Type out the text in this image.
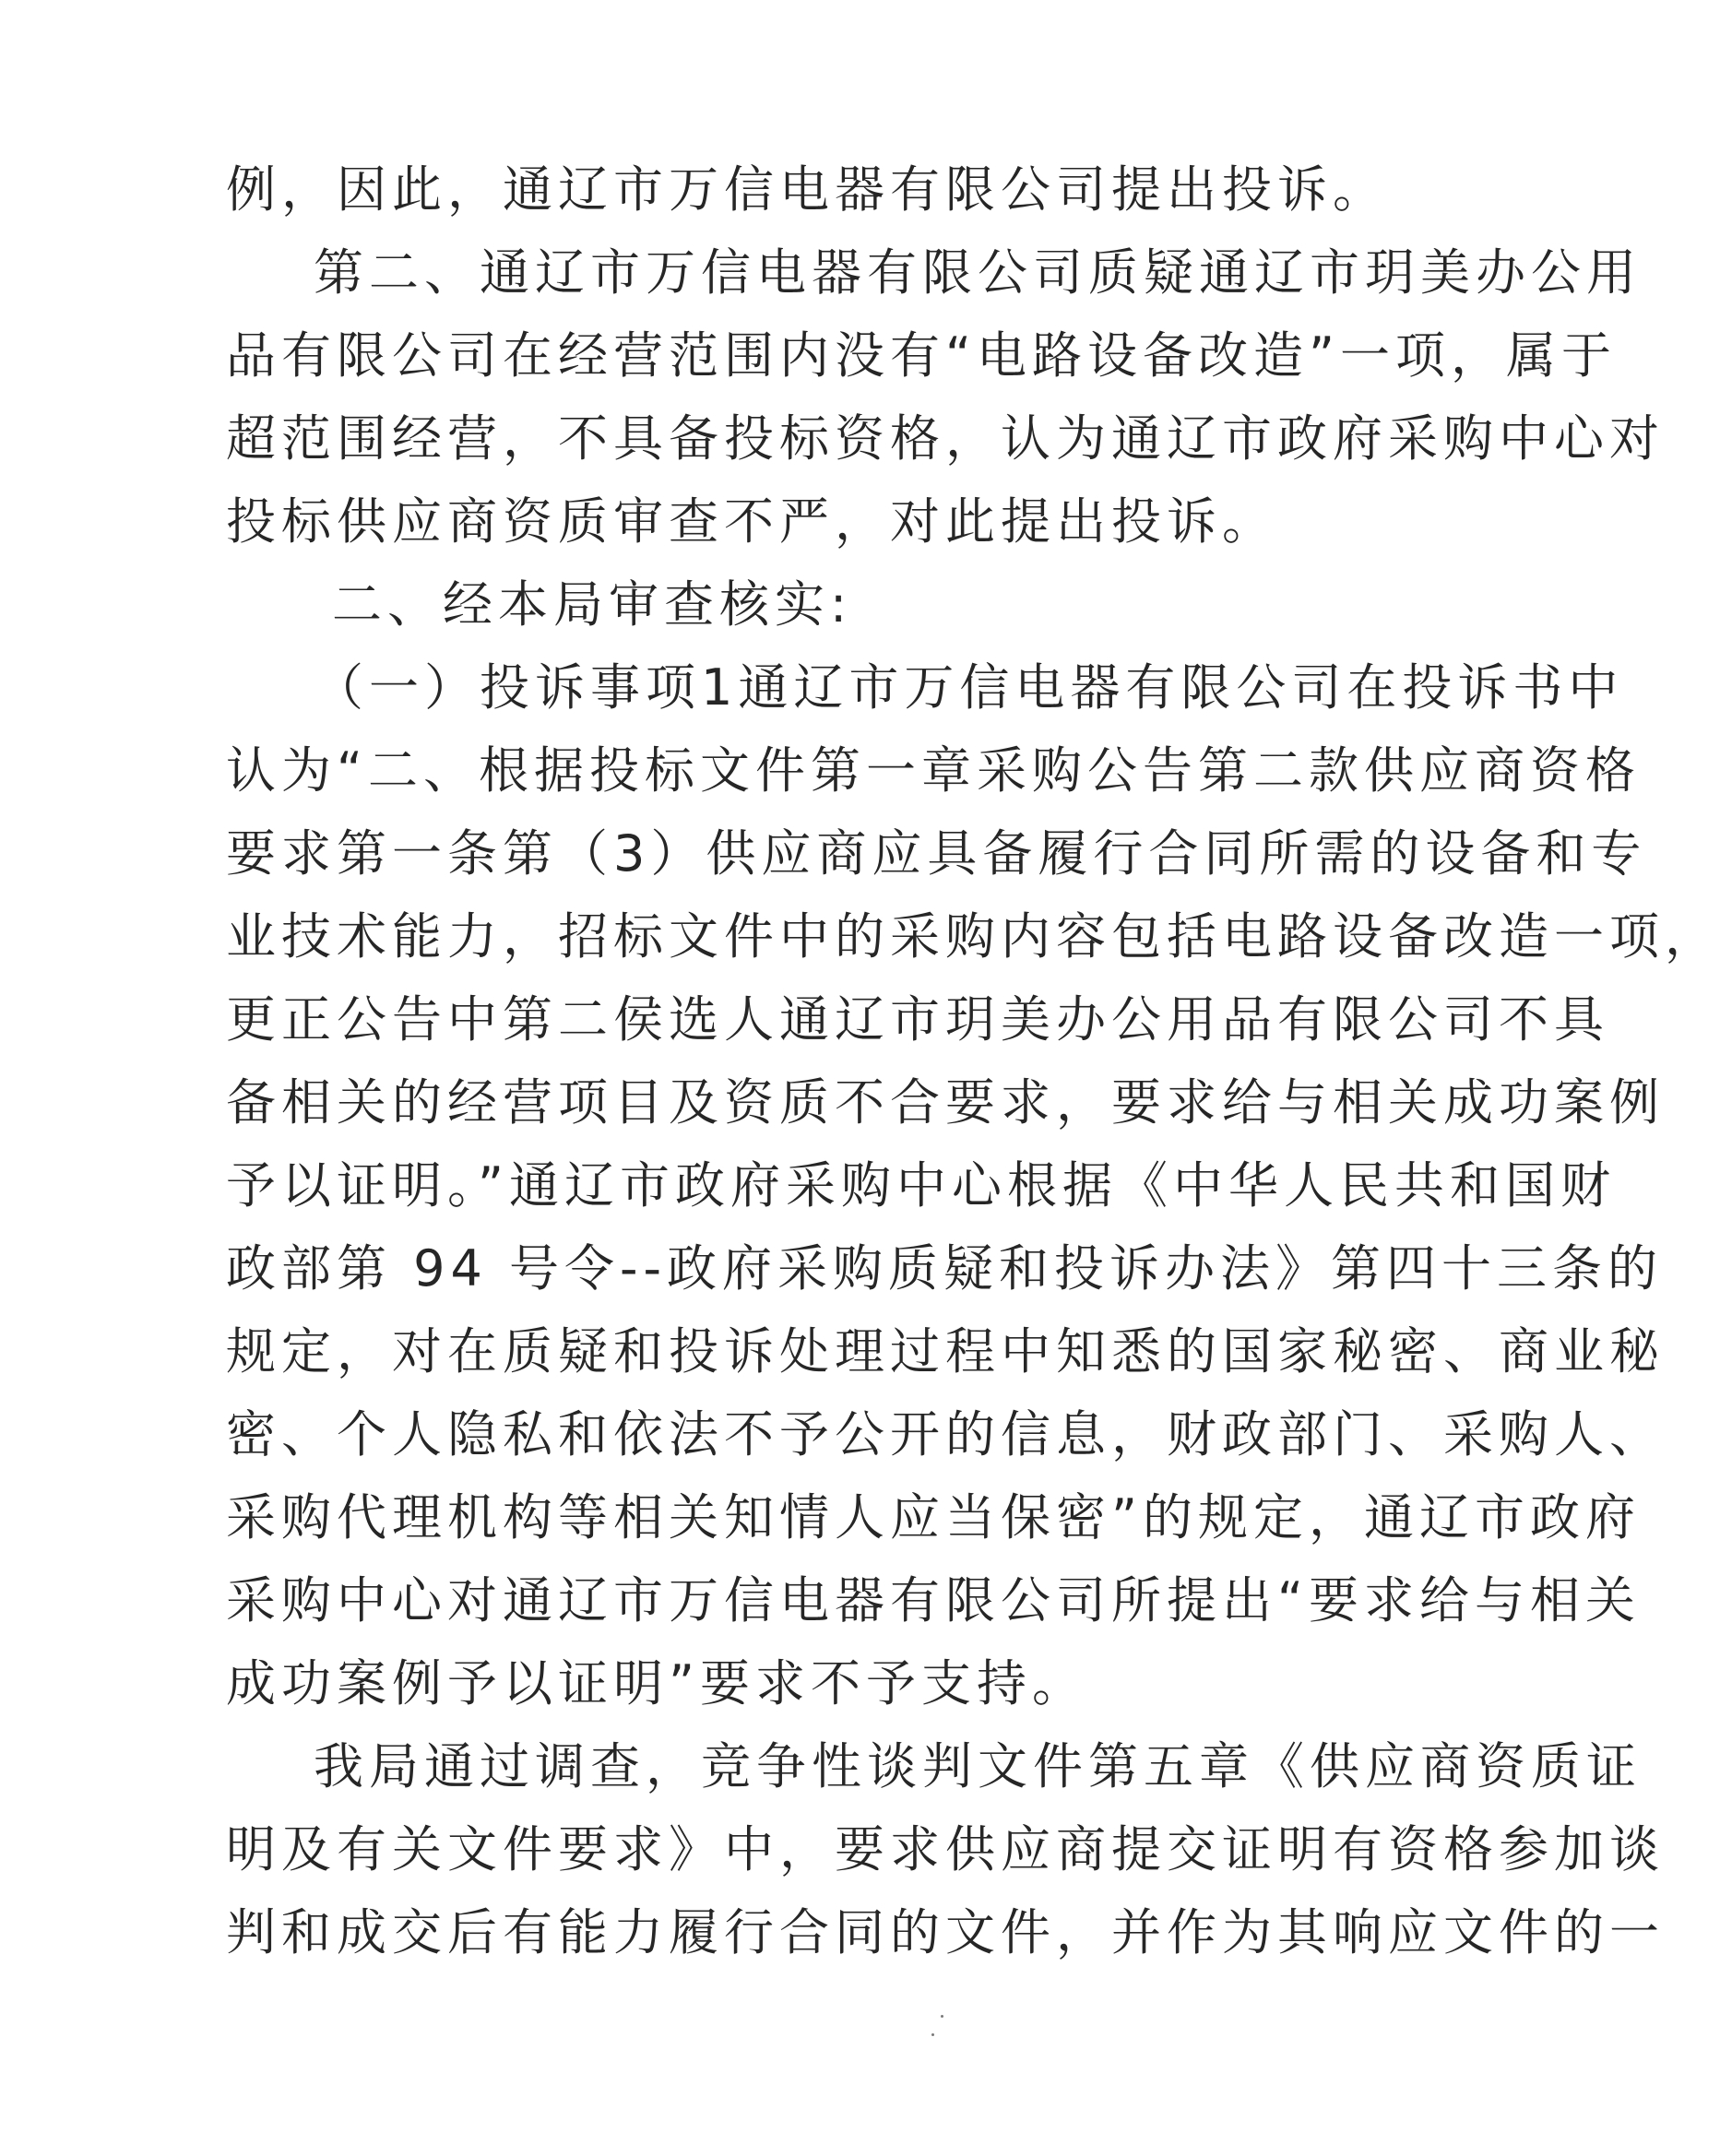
例，因此，通辽市万信电器有限公司提出投诉。
第二、通辽市万信电器有限公司质疑通辽市玥美办公用
品有限公司在经营范围内没有“电路设备改造”一项，属于
超范围经营，不具备投标资格，认为通辽市政府采购中心对
投标供应商资质审查不严，对此提出投诉。
二、经本局审查核实:
（一）投诉事项1通辽市万信电器有限公司在投诉书中
认为“二、根据投标文件第一章采购公告第二款供应商资格
要求第一条第（3）供应商应具备履行合同所需的设备和专
业技术能力，招标文件中的采购内容包括电路设备改造一项，
更正公告中第二侯选人通辽市玥美办公用品有限公司不具
备相关的经营项目及资质不合要求，要求给与相关成功案例
予以证明。”通辽市政府采购中心根据《中华人民共和国财
政部第 94 号令--政府采购质疑和投诉办法》第四十三条的
规定，对在质疑和投诉处理过程中知悉的国家秘密、商业秘
密、个人隐私和依法不予公开的信息，财政部门、采购人、
采购代理机构等相关知情人应当保密”的规定，通辽市政府
采购中心对通辽市万信电器有限公司所提出“要求给与相关
成功案例予以证明”要求不予支持。
我局通过调查，竞争性谈判文件第五章《供应商资质证
明及有关文件要求》中，要求供应商提交证明有资格参加谈
判和成交后有能力履行合同的文件，并作为其响应文件的一
